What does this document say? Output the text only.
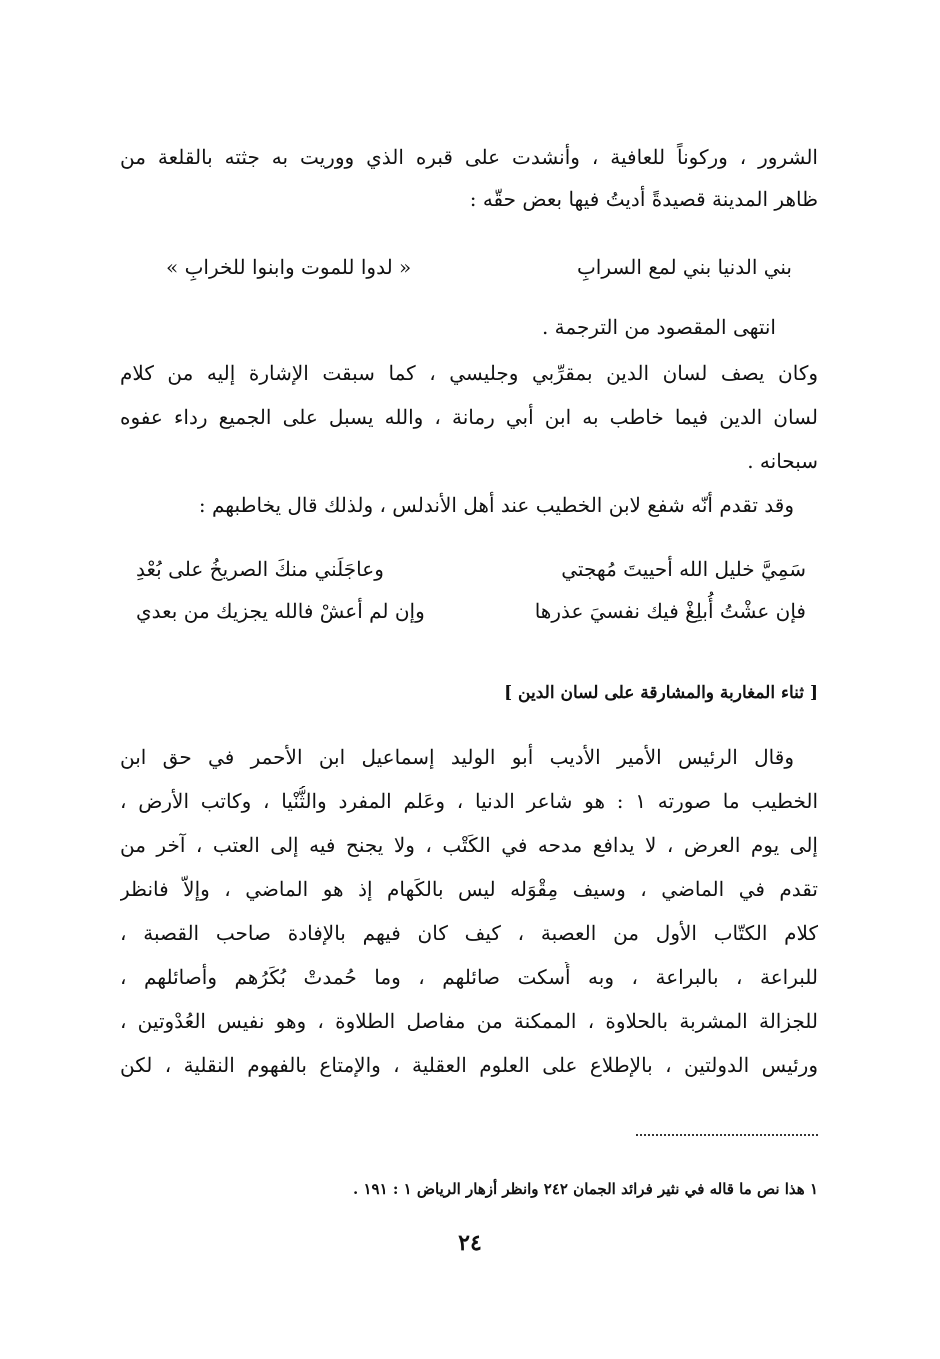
الشرور ، وركوناً للعافية ، وأنشدت على قبره الذي ووريت به جثته بالقلعة من
ظاهر المدينة قصيدةً أديتُ فيها بعض حقّه :
بني الدنيا بني لمع السرابِ
« لدوا للموت وابنوا للخرابِ »
انتهى المقصود من الترجمة .
وكان يصف لسان الدين بمقرِّبي وجليسي ، كما سبقت الإشارة إليه من كلام
لسان الدين فيما خاطب به ابن أبي رمانة ، والله يسبل على الجميع رداء عفوه
سبحانه .
وقد تقدم أنّه شفع لابن الخطيب عند أهل الأندلس ، ولذلك قال يخاطبهم :
سَمِيَّ خليل الله أحييتَ مُهجتي
وعاجَلَني منكَ الصريخُ على بُعْدِ
فإن عشْتُ أُبلِغْ فيك نفسيَ عذرها
وإن لم أعشْ فالله يجزيك من بعدي
[ ثناء المغاربة والمشارقة على لسان الدين ]
وقال الرئيس الأمير الأديب أبو الوليد إسماعيل ابن الأحمر في حق ابن
الخطيب ما صورته ١ : هو شاعر الدنيا ، وعَلم المفرد والثُّنْيا ، وكاتب الأرض ،
إلى يوم العرض ، لا يدافع مدحه في الكَتْب ، ولا يجنح فيه إلى العتب ، آخر من
تقدم في الماضي ، وسيف مِقْوَله ليس بالكَهام إذ هو الماضي ، وإلاّ فانظر
كلام الكتّاب الأول من العصبة ، كيف كان فيهم بالإفادة صاحب القصبة ،
للبراعة ، بالبراعة ، وبه أُسكت صائلهم ، وما حُمدتْ بُكَرُهم وأصائلهم ،
للجزالة المشربة بالحلاوة ، الممكنة من مفاصل الطلاوة ، وهو نفيس العُدْوتين ،
ورئيس الدولتين ، بالإطلاع على العلوم العقلية ، والإمتاع بالفهوم النقلية ، لكن
١ هذا نص ما قاله في نثير فرائد الجمان ٢٤٢ وانظر أزهار الرياض ١ : ١٩١ .
٢٤
